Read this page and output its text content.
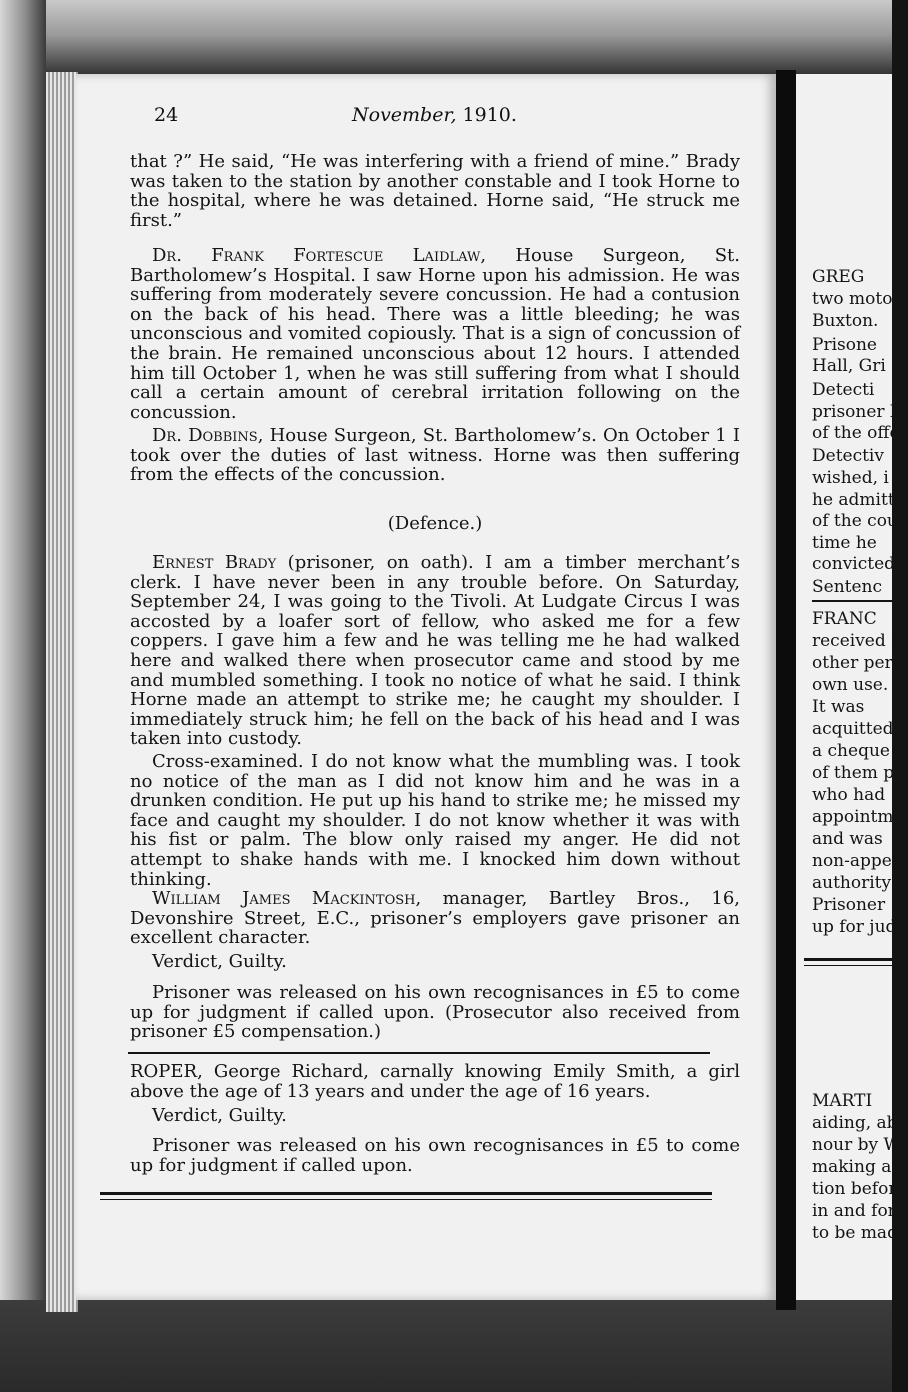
24	November, 1910.

that ?” He said, “He was interfering with a friend of mine.” Brady was taken to the station by another constable and I took Horne to the hospital, where he was detained. Horne said, “He struck me first.”

Dr. Frank Fortescue Laidlaw, House Surgeon, St. Bartholomew’s Hospital. I saw Horne upon his admission. He was suffering from moderately severe concussion. He had a contusion on the back of his head. There was a little bleeding; he was unconscious and vomited copiously. That is a sign of concussion of the brain. He remained unconscious about 12 hours. I attended him till October 1, when he was still suffering from what I should call a certain amount of cerebral irritation following on the concussion.

Dr. Dobbins, House Surgeon, St. Bartholomew’s. On October 1 I took over the duties of last witness. Horne was then suffering from the effects of the concussion.

(Defence.)

Ernest Brady (prisoner, on oath). I am a timber merchant’s clerk. I have never been in any trouble before. On Saturday, September 24, I was going to the Tivoli. At Ludgate Circus I was accosted by a loafer sort of fellow, who asked me for a few coppers. I gave him a few and he was telling me he had walked here and walked there when prosecutor came and stood by me and mumbled something. I took no notice of what he said. I think Horne made an attempt to strike me; he caught my shoulder. I immediately struck him; he fell on the back of his head and I was taken into custody.

Cross-examined. I do not know what the mumbling was. I took no notice of the man as I did not know him and he was in a drunken condition. He put up his hand to strike me; he missed my face and caught my shoulder. I do not know whether it was with his fist or palm. The blow only raised my anger. He did not attempt to shake hands with me. I knocked him down without thinking.

William James Mackintosh, manager, Bartley Bros., 16, Devonshire Street, E.C., prisoner’s employers gave prisoner an excellent character.

Verdict, Guilty.

Prisoner was released on his own recognisances in £5 to come up for judgment if called upon. (Prosecutor also received from prisoner £5 compensation.)

ROPER, George Richard, carnally knowing Emily Smith, a girl above the age of 13 years and under the age of 16 years.

Verdict, Guilty.

Prisoner was released on his own recognisances in £5 to come up for judgment if called upon.

GREG
two moto
Buxton.
Prisone
Hall, Gri
Detecti
prisoner l
of the offe
Detectiv
wished, i
he admitt
of the cou
time he
convicted
Sentenc
FRANC
received c
other pers
own use.
It was
acquitted
a cheque
of them pr
who had
appointme
and was
non-appea
authority
Prisoner
up for jud
MARTI
aiding, abe
nour by W
making an
tion before
in and for
to be made
